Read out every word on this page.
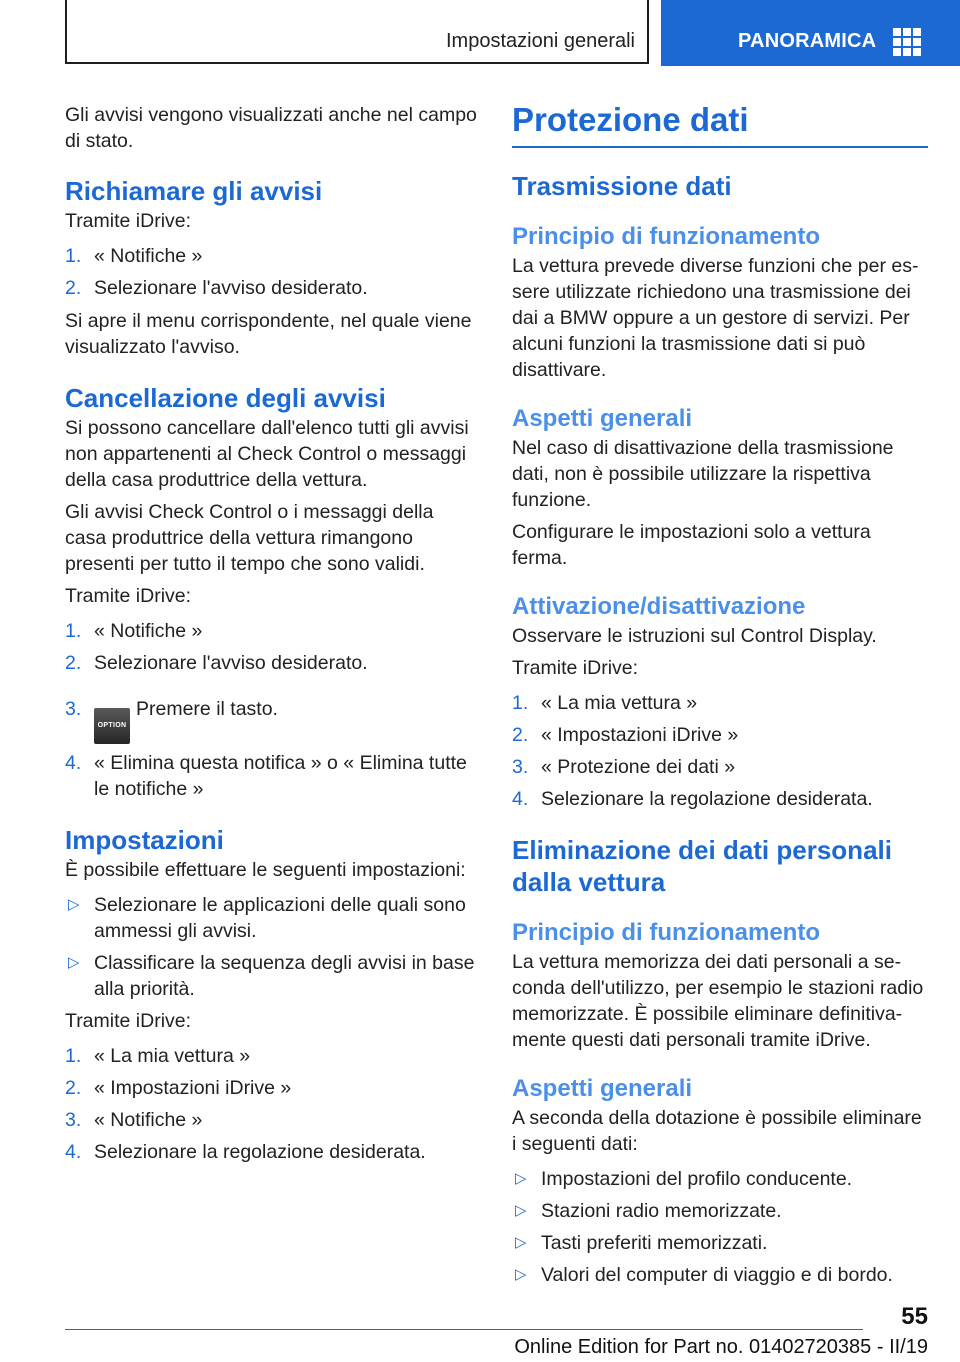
Impostazioni generali	PANORAMICA

Gli avvisi vengono visualizzati anche nel campo di stato.

Richiamare gli avvisi

Tramite iDrive:

1. « Notifiche »
2. Selezionare l'avviso desiderato.

Si apre il menu corrispondente, nel quale viene visualizzato l'avviso.

Cancellazione degli avvisi

Si possono cancellare dall'elenco tutti gli avvisi non appartenenti al Check Control o messaggi della casa produttrice della vettura.

Gli avvisi Check Control o i messaggi della casa produttrice della vettura rimangono presenti per tutto il tempo che sono validi.

Tramite iDrive:

1. « Notifiche »
2. Selezionare l'avviso desiderato.
3.
OPTIONPremere il tasto.
4. « Elimina questa notifica » o « Elimina tutte le notifiche »
Impostazioni

È possibile effettuare le seguenti impostazioni:

▷ Selezionare le applicazioni delle quali sono ammessi gli avvisi.
▷ Classificare la sequenza degli avvisi in base alla priorità.

Tramite iDrive:

1. « La mia vettura »
2. « Impostazioni iDrive »
3. « Notifiche »
4. Selezionare la regolazione desiderata.
Protezione dati
Trasmissione dati
Principio di funzionamento

La vettura prevede diverse funzioni che per essere utilizzate richiedono una trasmissione dei dai a BMW oppure a un gestore di servizi. Per alcuni funzioni la trasmissione dati si può disattivare.

Aspetti generali

Nel caso di disattivazione della trasmissione dati, non è possibile utilizzare la rispettiva funzione.

Configurare le impostazioni solo a vettura ferma.

Attivazione/disattivazione

Osservare le istruzioni sul Control Display.

Tramite iDrive:

1. « La mia vettura »
2. « Impostazioni iDrive »
3. « Protezione dei dati »
4. Selezionare la regolazione desiderata.
Eliminazione dei dati personali dalla vettura
Principio di funzionamento

La vettura memorizza dei dati personali a seconda dell'utilizzo, per esempio le stazioni radio memorizzate. È possibile eliminare definitivamente questi dati personali tramite iDrive.

Aspetti generali

A seconda della dotazione è possibile eliminare i seguenti dati:

▷ Impostazioni del profilo conducente.
▷ Stazioni radio memorizzate.
▷ Tasti preferiti memorizzati.
▷ Valori del computer di viaggio e di bordo.
55
Online Edition for Part no. 01402720385 - II/19
